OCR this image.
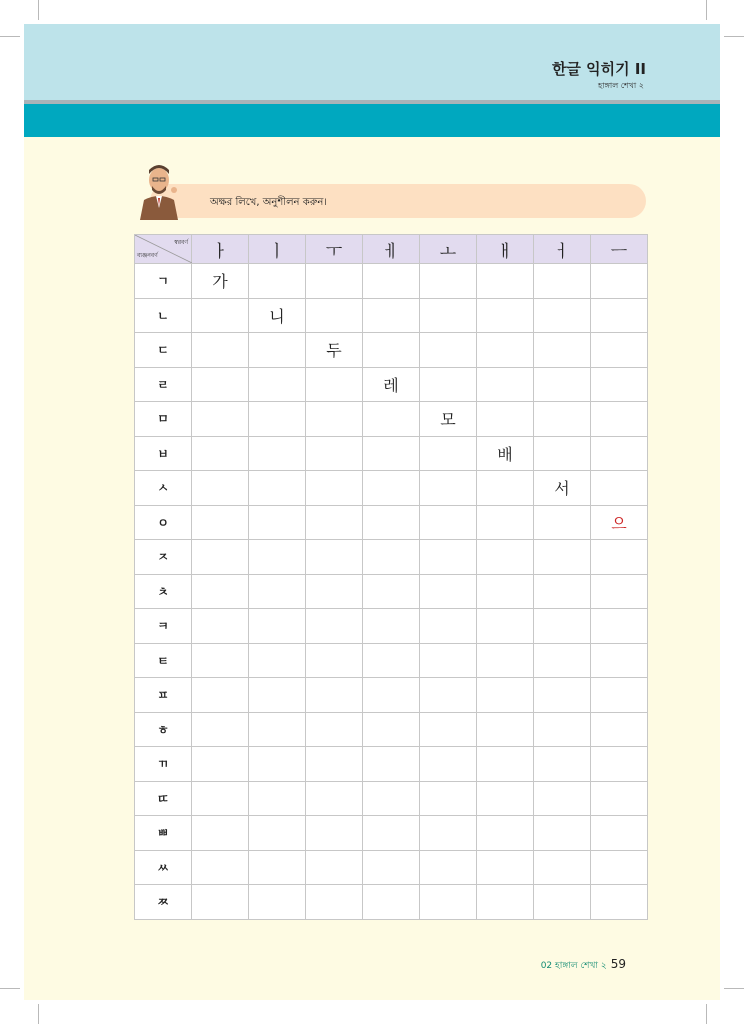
한글 익히기 II
হাঙ্গাল শেখা ২
অক্ষর লিখে, অনুশীলন করুন।
স্বরবর্ণ
ব্যঞ্জনবর্ণ	ㅏ	ㅣ	ㅜ	ㅔ	ㅗ	ㅐ	ㅓ	ㅡ
ㄱ	가							
ㄴ		니						
ㄷ			두					
ㄹ				레				
ㅁ					모			
ㅂ						배		
ㅅ							서	
ㅇ								으
ㅈ								
ㅊ								
ㅋ								
ㅌ								
ㅍ								
ㅎ								
ㄲ								
ㄸ								
ㅃ								
ㅆ								
ㅉ								
02 হাঙ্গাল শেখা ২ 59
